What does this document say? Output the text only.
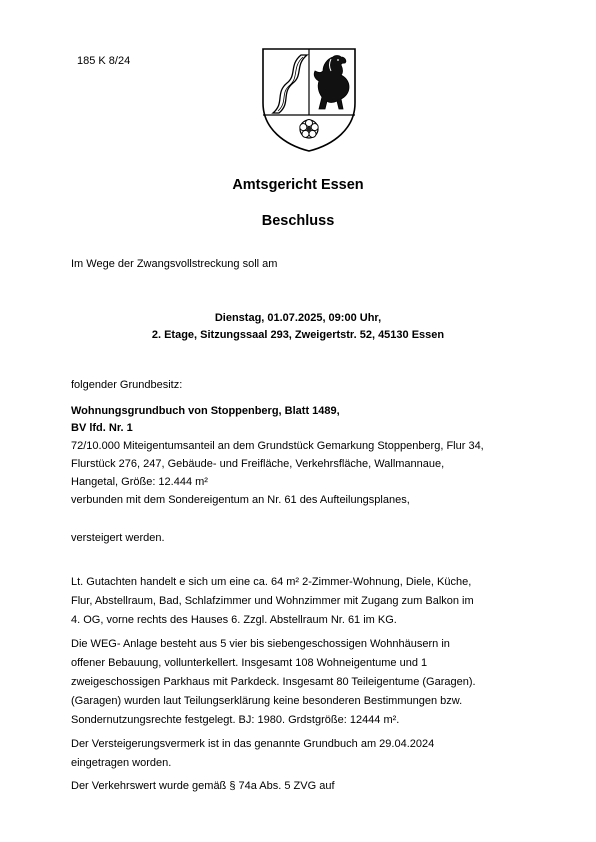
185 K 8/24
Amtsgericht Essen
Beschluss
Im Wege der Zwangsvollstreckung soll am
Dienstag, 01.07.2025, 09:00 Uhr,
2. Etage, Sitzungssaal 293, Zweigertstr. 52, 45130 Essen
folgender Grundbesitz:
Wohnungsgrundbuch von Stoppenberg, Blatt 1489,
BV lfd. Nr. 1
72/10.000 Miteigentumsanteil an dem Grundstück Gemarkung Stoppenberg, Flur 34,
Flurstück 276, 247, Gebäude- und Freifläche, Verkehrsfläche, Wallmannaue,
Hangetal, Größe: 12.444 m²
verbunden mit dem Sondereigentum an Nr. 61 des Aufteilungsplanes,
versteigert werden.
Lt. Gutachten handelt e sich um eine ca. 64 m² 2-Zimmer-Wohnung, Diele, Küche,
Flur, Abstellraum, Bad, Schlafzimmer und Wohnzimmer mit Zugang zum Balkon im
4. OG, vorne rechts des Hauses 6. Zzgl. Abstellraum Nr. 61 im KG.
Die WEG- Anlage besteht aus 5 vier bis siebengeschossigen Wohnhäusern in
offener Bebauung, vollunterkellert. Insgesamt 108 Wohneigentume und 1
zweigeschossigen Parkhaus mit Parkdeck. Insgesamt 80 Teileigentume (Garagen).
(Garagen) wurden laut Teilungserklärung keine besonderen Bestimmungen bzw.
Sondernutzungsrechte festgelegt. BJ: 1980. Grdstgröße: 12444 m².
Der Versteigerungsvermerk ist in das genannte Grundbuch am 29.04.2024
eingetragen worden.
Der Verkehrswert wurde gemäß § 74a Abs. 5 ZVG auf
